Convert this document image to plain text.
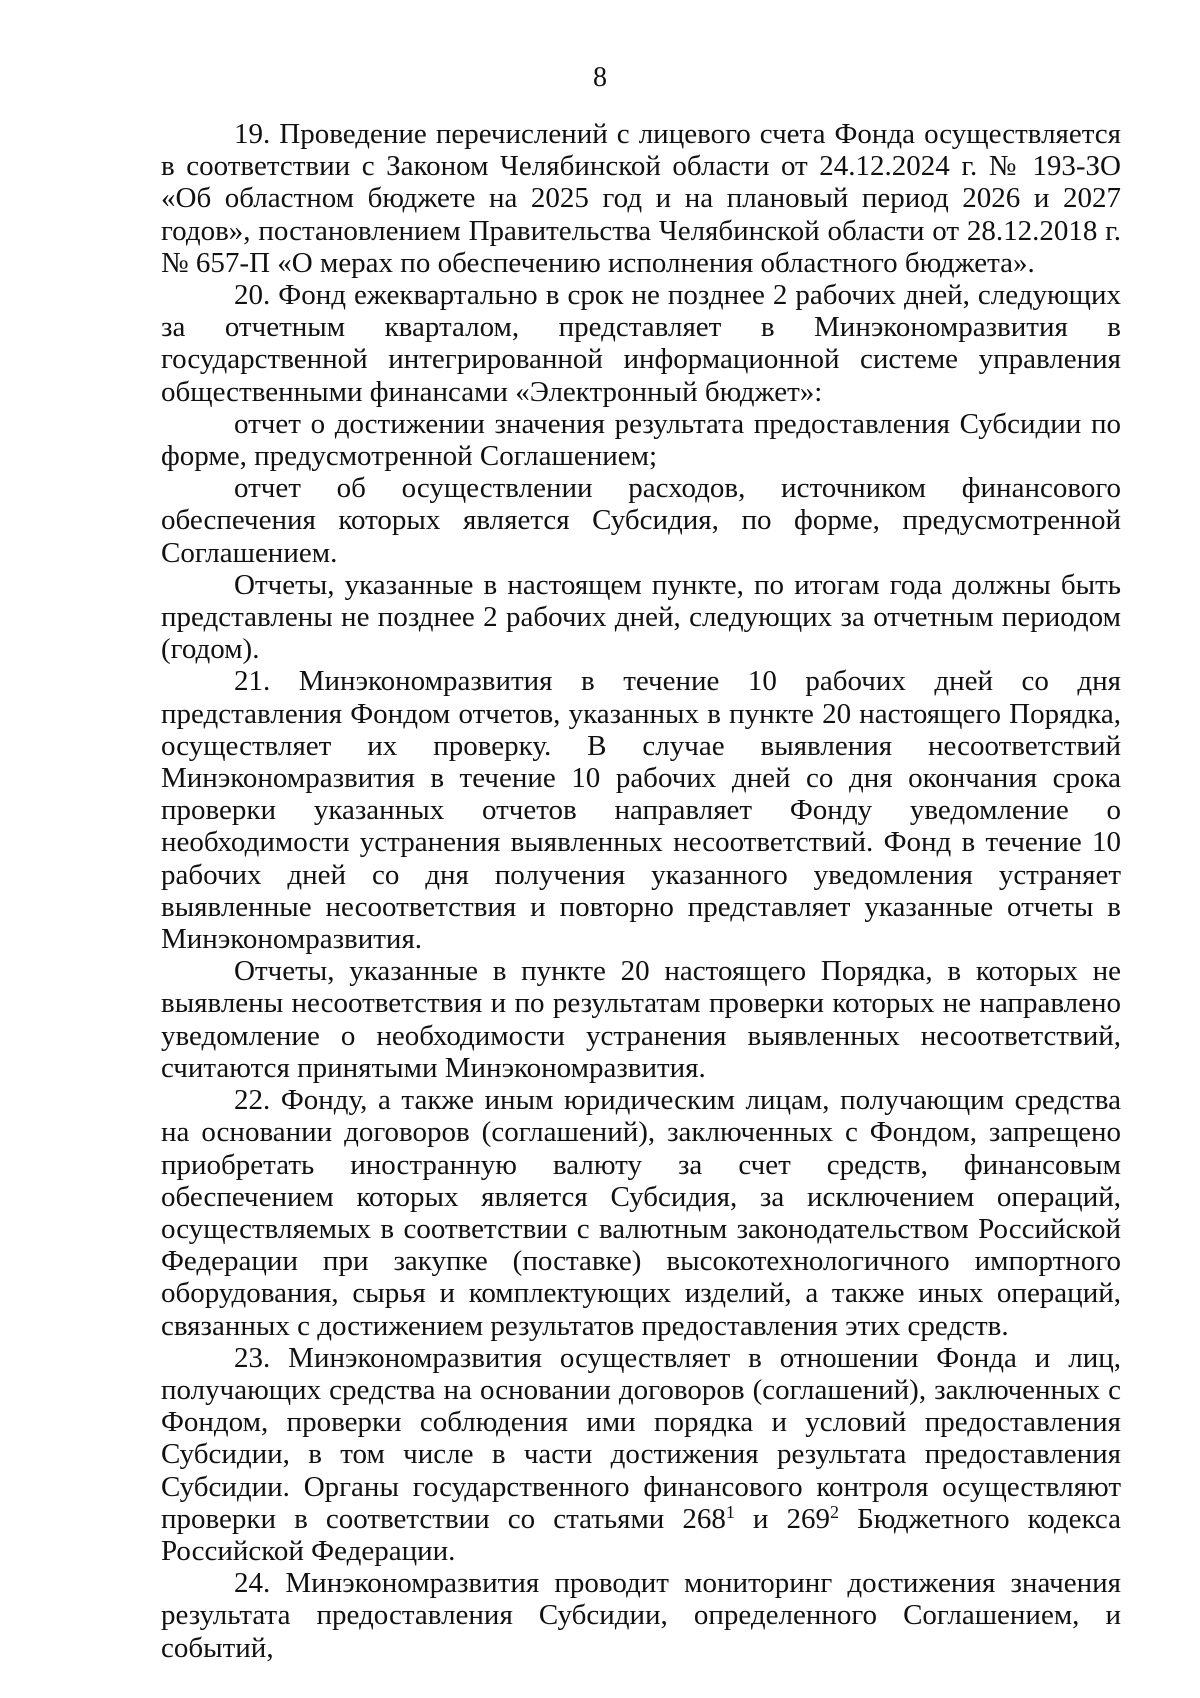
8

19. Проведение перечислений с лицевого счета Фонда осуществляется в соответствии с Законом Челябинской области от 24.12.2024 г. № 193-ЗО «Об областном бюджете на 2025 год и на плановый период 2026 и 2027 годов», постановлением Правительства Челябинской области от 28.12.2018 г. № 657-П «О мерах по обеспечению исполнения областного бюджета».

20. Фонд ежеквартально в срок не позднее 2 рабочих дней, следующих за отчетным кварталом, представляет в Минэкономразвития в государственной интегрированной информационной системе управления общественными финансами «Электронный бюджет»:

отчет о достижении значения результата предоставления Субсидии по форме, предусмотренной Соглашением;

отчет об осуществлении расходов, источником финансового обеспечения которых является Субсидия, по форме, предусмотренной Соглашением.

Отчеты, указанные в настоящем пункте, по итогам года должны быть представлены не позднее 2 рабочих дней, следующих за отчетным периодом (годом).

21. Минэкономразвития в течение 10 рабочих дней со дня представления Фондом отчетов, указанных в пункте 20 настоящего Порядка, осуществляет их проверку. В случае выявления несоответствий Минэкономразвития в течение 10 рабочих дней со дня окончания срока проверки указанных отчетов направляет Фонду уведомление о необходимости устранения выявленных несоответствий. Фонд в течение 10 рабочих дней со дня получения указанного уведомления устраняет выявленные несоответствия и повторно представляет указанные отчеты в Минэкономразвития.

Отчеты, указанные в пункте 20 настоящего Порядка, в которых не выявлены несоответствия и по результатам проверки которых не направлено уведомление о необходимости устранения выявленных несоответствий, считаются принятыми Минэкономразвития.

22. Фонду, а также иным юридическим лицам, получающим средства на основании договоров (соглашений), заключенных с Фондом, запрещено приобретать иностранную валюту за счет средств, финансовым обеспечением которых является Субсидия, за исключением операций, осуществляемых в соответствии с валютным законодательством Российской Федерации при закупке (поставке) высокотехнологичного импортного оборудования, сырья и комплектующих изделий, а также иных операций, связанных с достижением результатов предоставления этих средств.

23. Минэкономразвития осуществляет в отношении Фонда и лиц, получающих средства на основании договоров (соглашений), заключенных с Фондом, проверки соблюдения ими порядка и условий предоставления Субсидии, в том числе в части достижения результата предоставления Субсидии. Органы государственного финансового контроля осуществляют проверки в соответствии со статьями $268^1$ и $269^2$ Бюджетного кодекса Российской Федерации.

24. Минэкономразвития проводит мониторинг достижения значения результата предоставления Субсидии, определенного Соглашением, и событий,
